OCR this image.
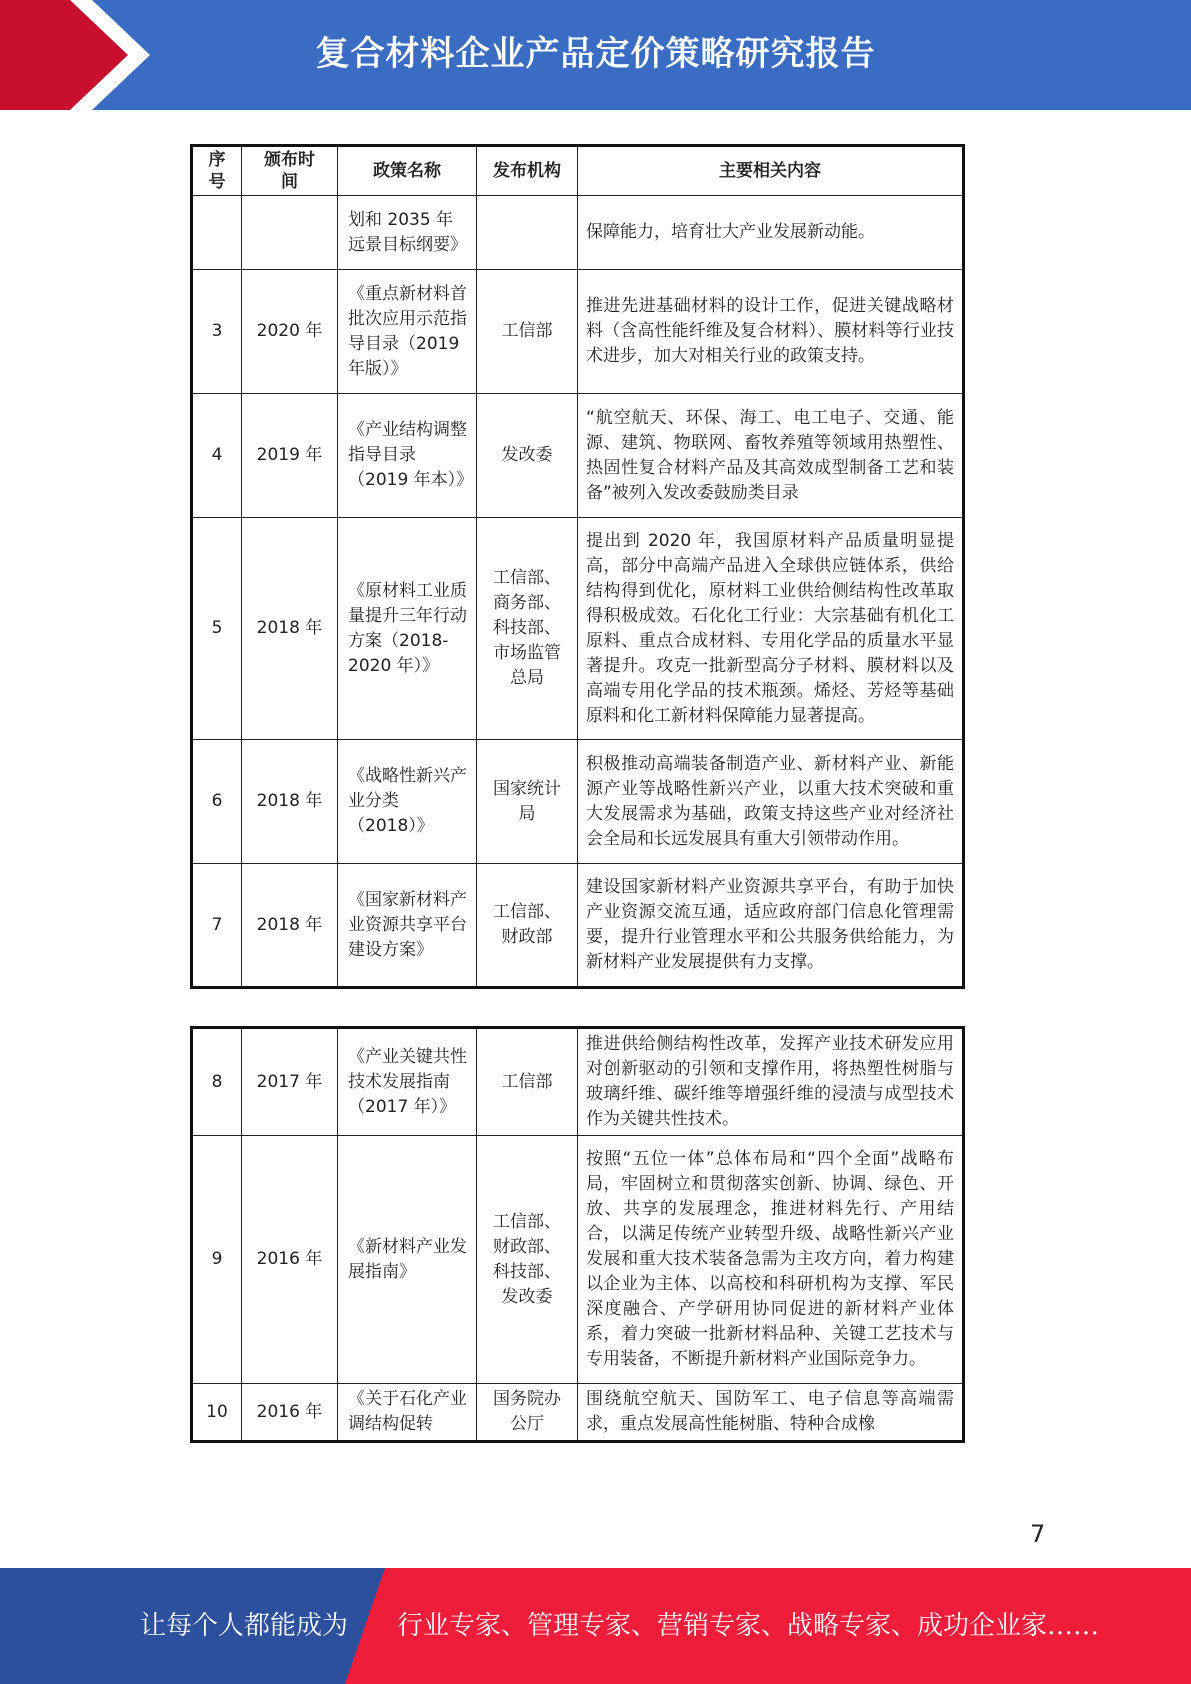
复合材料企业产品定价策略研究报告
序号	颁布时间	政策名称	发布机构	主要相关内容
		划和 2035 年远景目标纲要》		保障能力，培育壮大产业发展新动能。
3	2020 年	《重点新材料首批次应用示范指导目录（2019 年版）》	工信部	推进先进基础材料的设计工作，促进关键战略材料（含高性能纤维及复合材料）、膜材料等行业技术进步，加大对相关行业的政策支持。
4	2019 年	《产业结构调整指导目录（2019 年本）》	发改委	“航空航天、环保、海工、电工电子、交通、能源、建筑、物联网、畜牧养殖等领域用热塑性、热固性复合材料产品及其高效成型制备工艺和装备”被列入发改委鼓励类目录
5	2018 年	《原材料工业质量提升三年行动方案（2018-2020 年）》	工信部、商务部、科技部、市场监管总局	提出到 2020 年，我国原材料产品质量明显提高，部分中高端产品进入全球供应链体系，供给结构得到优化，原材料工业供给侧结构性改革取得积极成效。石化化工行业：大宗基础有机化工原料、重点合成材料、专用化学品的质量水平显著提升。攻克一批新型高分子材料、膜材料以及高端专用化学品的技术瓶颈。烯烃、芳烃等基础原料和化工新材料保障能力显著提高。
6	2018 年	《战略性新兴产业分类（2018）》	国家统计局	积极推动高端装备制造产业、新材料产业、新能源产业等战略性新兴产业，以重大技术突破和重大发展需求为基础，政策支持这些产业对经济社会全局和长远发展具有重大引领带动作用。
7	2018 年	《国家新材料产业资源共享平台建设方案》	工信部、财政部	建设国家新材料产业资源共享平台，有助于加快产业资源交流互通，适应政府部门信息化管理需要，提升行业管理水平和公共服务供给能力，为新材料产业发展提供有力支撑。
8	2017 年	《产业关键共性技术发展指南（2017 年）》	工信部	推进供给侧结构性改革，发挥产业技术研发应用对创新驱动的引领和支撑作用，将热塑性树脂与玻璃纤维、碳纤维等增强纤维的浸渍与成型技术作为关键共性技术。
9	2016 年	《新材料产业发展指南》	工信部、财政部、科技部、发改委	按照“五位一体”总体布局和“四个全面”战略布局，牢固树立和贯彻落实创新、协调、绿色、开放、共享的发展理念，推进材料先行、产用结合，以满足传统产业转型升级、战略性新兴产业发展和重大技术装备急需为主攻方向，着力构建以企业为主体、以高校和科研机构为支撑、军民深度融合、产学研用协同促进的新材料产业体系，着力突破一批新材料品种、关键工艺技术与专用装备，不断提升新材料产业国际竞争力。
10	2016 年	《关于石化产业调结构促转	国务院办公厅	围绕航空航天、国防军工、电子信息等高端需求，重点发展高性能树脂、特种合成橡
7
让每个人都能成为 行业专家、管理专家、营销专家、战略专家、成功企业家……
